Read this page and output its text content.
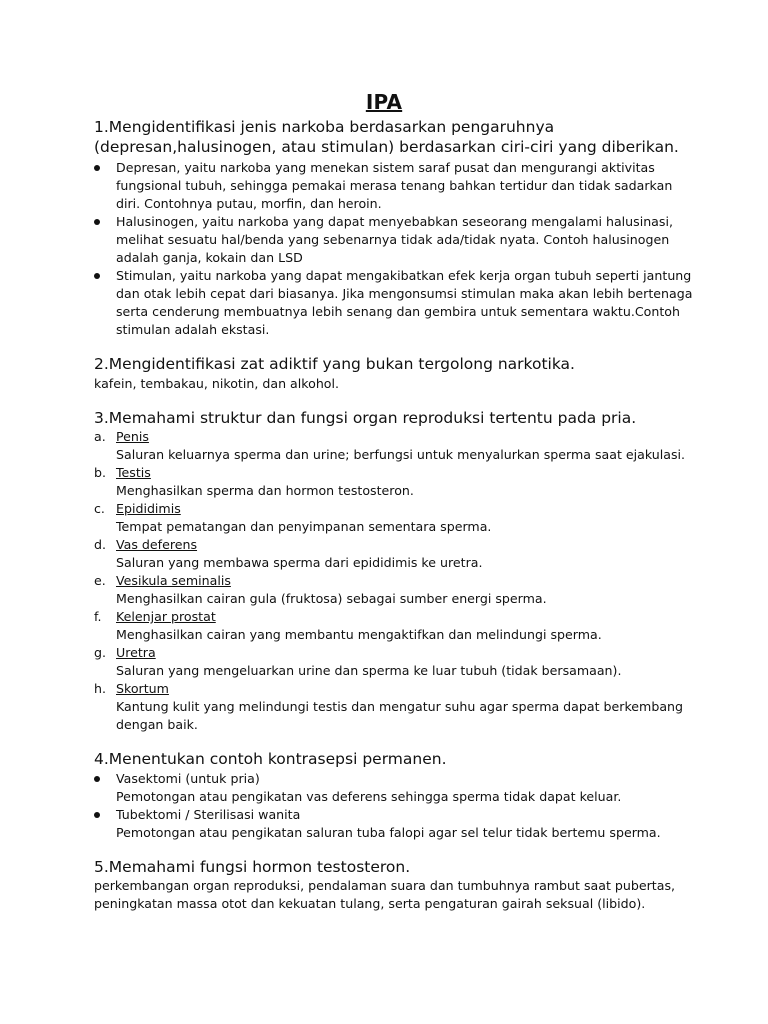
IPA

1.Mengidentifikasi jenis narkoba berdasarkan pengaruhnya (depresan,halusinogen, atau stimulan) berdasarkan ciri-ciri yang diberikan.

Depresan, yaitu narkoba yang menekan sistem saraf pusat dan mengurangi aktivitas fungsional tubuh, sehingga pemakai merasa tenang bahkan tertidur dan tidak sadarkan diri. Contohnya putau, morfin, dan heroin.
Halusinogen, yaitu narkoba yang dapat menyebabkan seseorang mengalami halusinasi, melihat sesuatu hal/benda yang sebenarnya tidak ada/tidak nyata. Contoh halusinogen adalah ganja, kokain dan LSD
Stimulan, yaitu narkoba yang dapat mengakibatkan efek kerja organ tubuh seperti jantung dan otak lebih cepat dari biasanya. Jika mengonsumsi stimulan maka akan lebih bertenaga serta cenderung membuatnya lebih senang dan gembira untuk sementara waktu.Contoh stimulan adalah ekstasi.

2.Mengidentifikasi zat adiktif yang bukan tergolong narkotika.

kafein, tembakau, nikotin, dan alkohol.

3.Memahami struktur dan fungsi organ reproduksi tertentu pada pria.

a. Penis
Saluran keluarnya sperma dan urine; berfungsi untuk menyalurkan sperma saat ejakulasi.
b. Testis
Menghasilkan sperma dan hormon testosteron.
c. Epididimis
Tempat pematangan dan penyimpanan sementara sperma.
d. Vas deferens
Saluran yang membawa sperma dari epididimis ke uretra.
e. Vesikula seminalis
Menghasilkan cairan gula (fruktosa) sebagai sumber energi sperma.
f. Kelenjar prostat
Menghasilkan cairan yang membantu mengaktifkan dan melindungi sperma.
g. Uretra
Saluran yang mengeluarkan urine dan sperma ke luar tubuh (tidak bersamaan).
h. Skortum
Kantung kulit yang melindungi testis dan mengatur suhu agar sperma dapat berkembang dengan baik.

4.Menentukan contoh kontrasepsi permanen.

Vasektomi (untuk pria)
Pemotongan atau pengikatan vas deferens sehingga sperma tidak dapat keluar.
Tubektomi / Sterilisasi wanita
Pemotongan atau pengikatan saluran tuba falopi agar sel telur tidak bertemu sperma.

5.Memahami fungsi hormon testosteron.

perkembangan organ reproduksi, pendalaman suara dan tumbuhnya rambut saat pubertas, peningkatan massa otot dan kekuatan tulang, serta pengaturan gairah seksual (libido).
